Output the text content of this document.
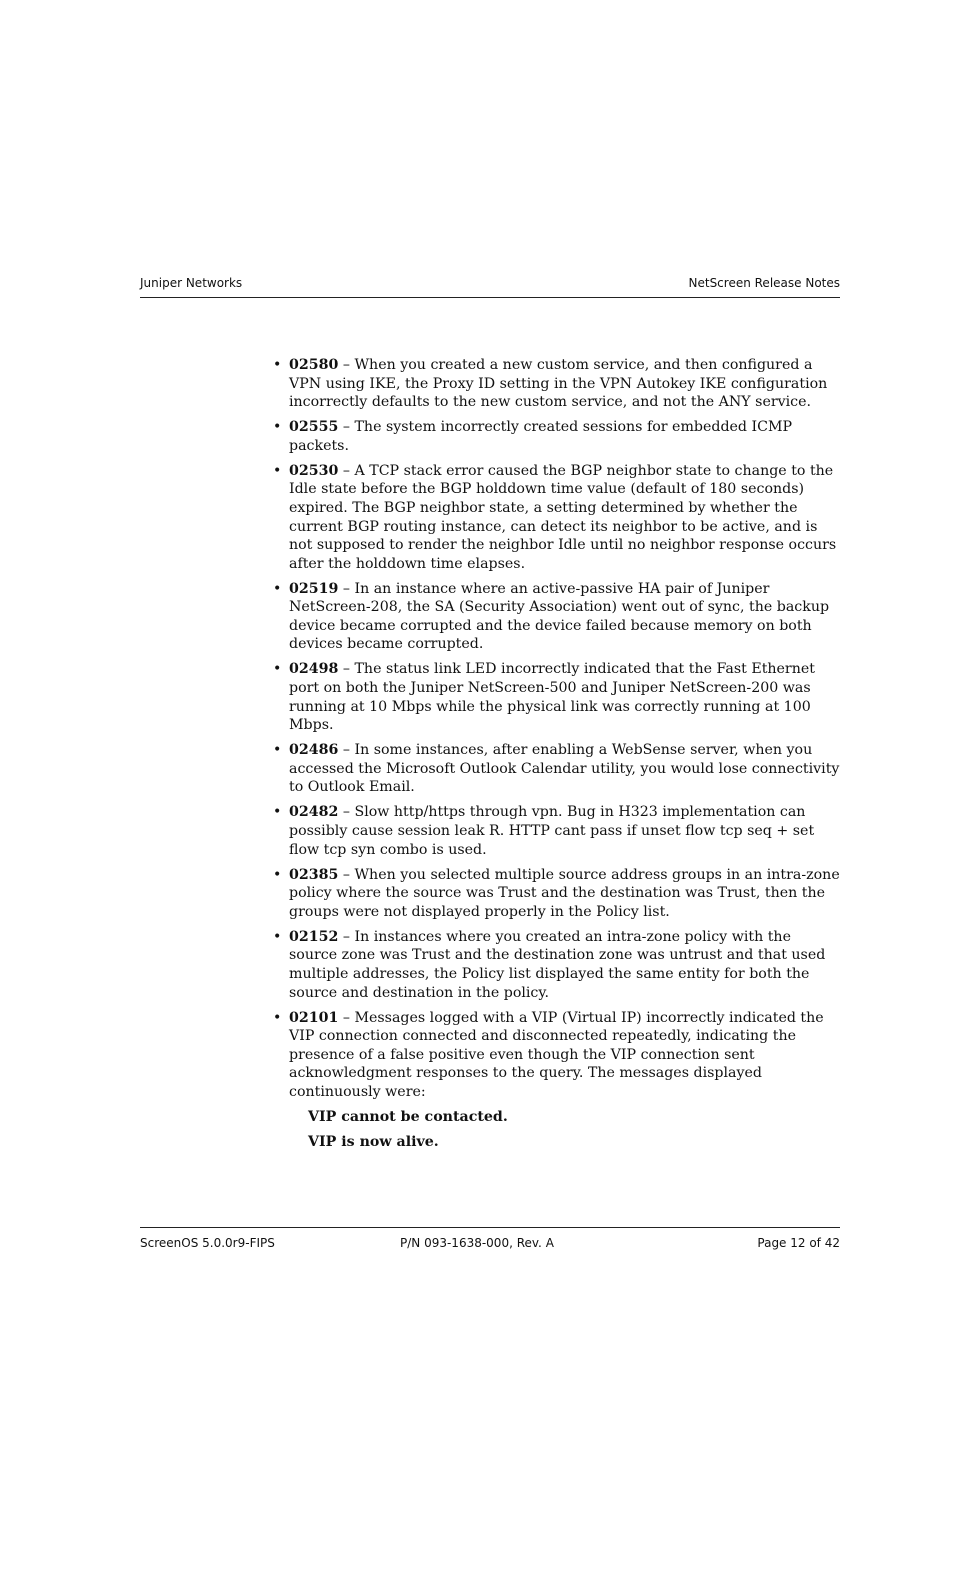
Juniper Networks	NetScreen Release Notes
• 02580 – When you created a new custom service, and then configured a VPN using IKE, the Proxy ID setting in the VPN Autokey IKE configuration incorrectly defaults to the new custom service, and not the ANY service.
• 02555 – The system incorrectly created sessions for embedded ICMP packets.
• 02530 – A TCP stack error caused the BGP neighbor state to change to the Idle state before the BGP holddown time value (default of 180 seconds) expired. The BGP neighbor state, a setting determined by whether the current BGP routing instance, can detect its neighbor to be active, and is not supposed to render the neighbor Idle until no neighbor response occurs after the holddown time elapses.
• 02519 – In an instance where an active-passive HA pair of Juniper NetScreen-208, the SA (Security Association) went out of sync, the backup device became corrupted and the device failed because memory on both devices became corrupted.
• 02498 – The status link LED incorrectly indicated that the Fast Ethernet port on both the Juniper NetScreen-500 and Juniper NetScreen-200 was running at 10 Mbps while the physical link was correctly running at 100 Mbps.
• 02486 – In some instances, after enabling a WebSense server, when you accessed the Microsoft Outlook Calendar utility, you would lose connectivity to Outlook Email.
• 02482 – Slow http/https through vpn. Bug in H323 implementation can possibly cause session leak R. HTTP cant pass if unset flow tcp seq + set flow tcp syn combo is used.
• 02385 – When you selected multiple source address groups in an intra-zone policy where the source was Trust and the destination was Trust, then the groups were not displayed properly in the Policy list.
• 02152 – In instances where you created an intra-zone policy with the source zone was Trust and the destination zone was untrust and that used multiple addresses, the Policy list displayed the same entity for both the source and destination in the policy.
• 02101 – Messages logged with a VIP (Virtual IP) incorrectly indicated the VIP connection connected and disconnected repeatedly, indicating the presence of a false positive even though the VIP connection sent acknowledgment responses to the query. The messages displayed continuously were:
VIP cannot be contacted.
VIP is now alive.
ScreenOS 5.0.0r9-FIPS	P/N 093-1638-000, Rev. A	Page 12 of 42
